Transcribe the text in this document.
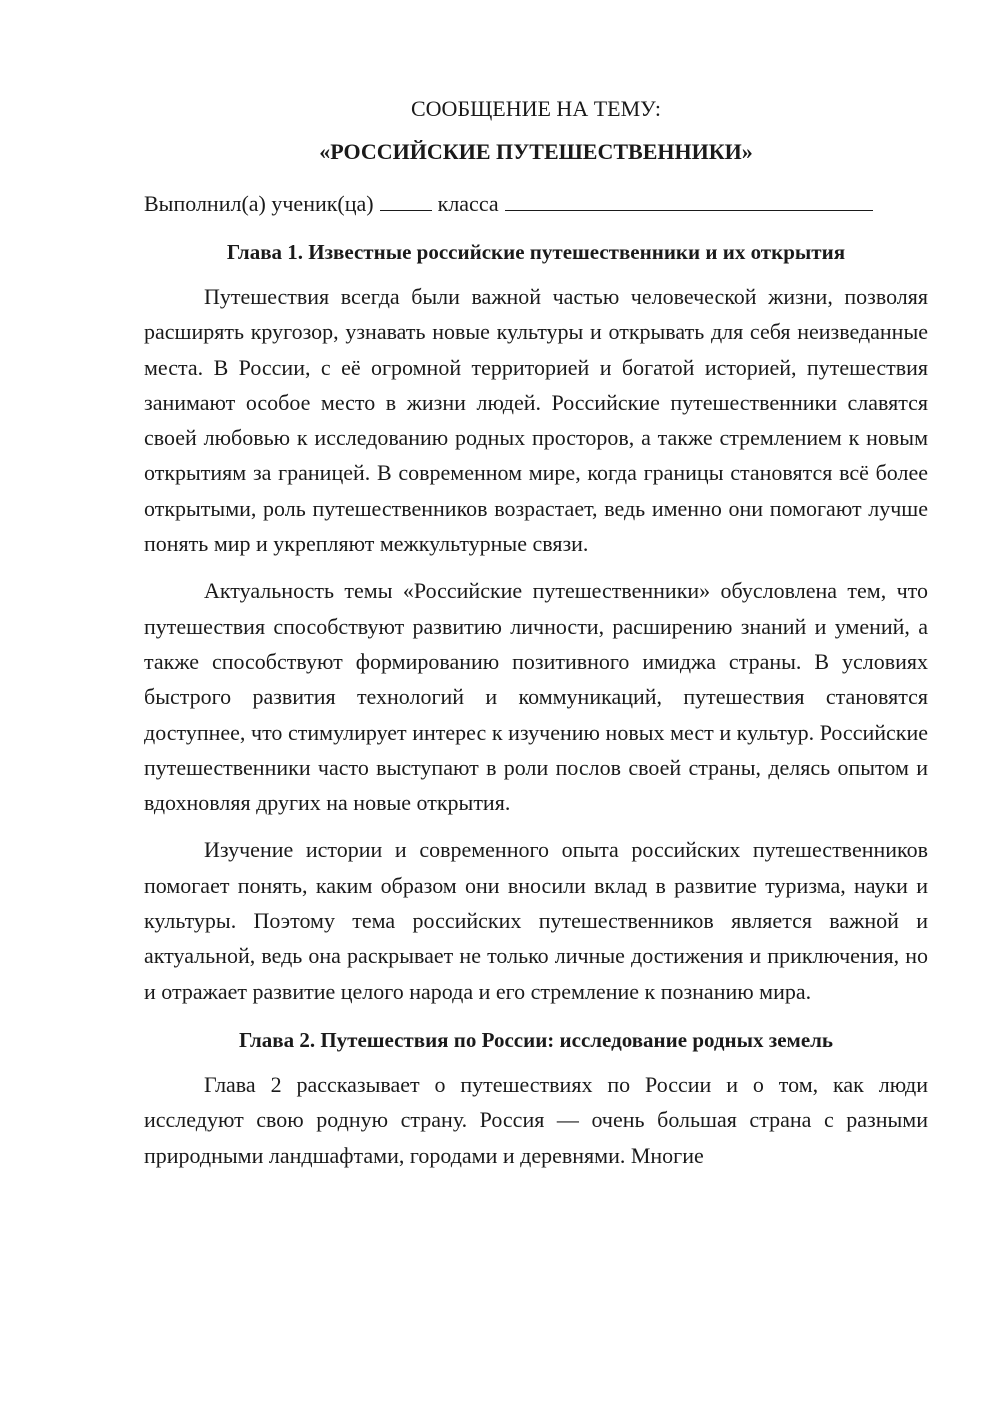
СООБЩЕНИЕ НА ТЕМУ:
«РОССИЙСКИЕ ПУТЕШЕСТВЕННИКИ»

Выполнил(а) ученик(ца)	класса

Глава 1. Известные российские путешественники и их открытия

Путешествия всегда были важной частью человеческой жизни, позволяя расширять кругозор, узнавать новые культуры и открывать для себя неизведанные места. В России, с её огромной территорией и богатой историей, путешествия занимают особое место в жизни людей. Российские путешественники славятся своей любовью к исследованию родных просторов, а также стремлением к новым открытиям за границей. В современном мире, когда границы становятся всё более открытыми, роль путешественников возрастает, ведь именно они помогают лучше понять мир и укрепляют межкультурные связи.

Актуальность темы «Российские путешественники» обусловлена тем, что путешествия способствуют развитию личности, расширению знаний и умений, а также способствуют формированию позитивного имиджа страны. В условиях быстрого развития технологий и коммуникаций, путешествия становятся доступнее, что стимулирует интерес к изучению новых мест и культур. Российские путешественники часто выступают в роли послов своей страны, делясь опытом и вдохновляя других на новые открытия.

Изучение истории и современного опыта российских путешественников помогает понять, каким образом они вносили вклад в развитие туризма, науки и культуры. Поэтому тема российских путешественников является важной и актуальной, ведь она раскрывает не только личные достижения и приключения, но и отражает развитие целого народа и его стремление к познанию мира.

Глава 2. Путешествия по России: исследование родных земель

Глава 2 рассказывает о путешествиях по России и о том, как люди исследуют свою родную страну. Россия — очень большая страна с разными природными ландшафтами, городами и деревнями. Многие
